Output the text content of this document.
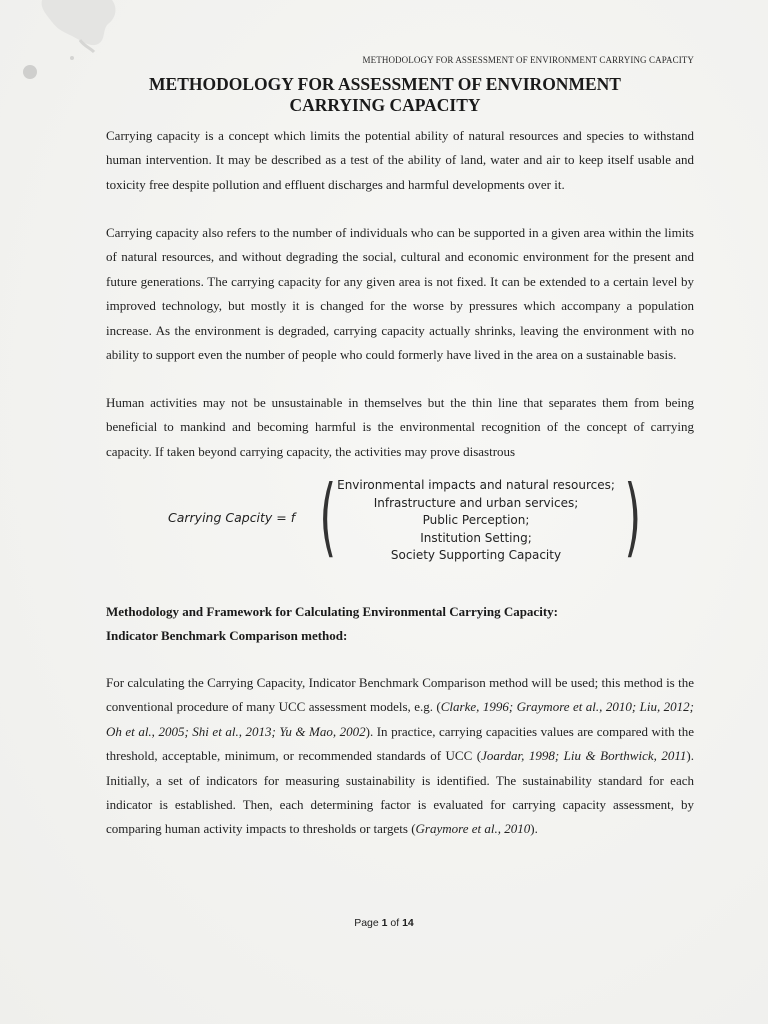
METHODOLOGY FOR ASSESSMENT OF ENVIRONMENT CARRYING CAPACITY
METHODOLOGY FOR ASSESSMENT OF ENVIRONMENT
CARRYING CAPACITY
Carrying capacity is a concept which limits the potential ability of natural resources and species to withstand human intervention. It may be described as a test of the ability of land, water and air to keep itself usable and toxicity free despite pollution and effluent discharges and harmful developments over it.
Carrying capacity also refers to the number of individuals who can be supported in a given area within the limits of natural resources, and without degrading the social, cultural and economic environment for the present and future generations. The carrying capacity for any given area is not fixed. It can be extended to a certain level by improved technology, but mostly it is changed for the worse by pressures which accompany a population increase. As the environment is degraded, carrying capacity actually shrinks, leaving the environment with no ability to support even the number of people who could formerly have lived in the area on a sustainable basis.
Human activities may not be unsustainable in themselves but the thin line that separates them from being beneficial to mankind and becoming harmful is the environmental recognition of the concept of carrying capacity. If taken beyond carrying capacity, the activities may prove disastrous
Carrying Capcity = f ( Environmental impacts and natural resources;
Infrastructure and urban services;
Public Perception;
Institution Setting;
Society Supporting Capacity )
Methodology and Framework for Calculating Environmental Carrying Capacity:
Indicator Benchmark Comparison method:
For calculating the Carrying Capacity, Indicator Benchmark Comparison method will be used; this method is the conventional procedure of many UCC assessment models, e.g. (Clarke, 1996; Graymore et al., 2010; Liu, 2012; Oh et al., 2005; Shi et al., 2013; Yu & Mao, 2002). In practice, carrying capacities values are compared with the threshold, acceptable, minimum, or recommended standards of UCC (Joardar, 1998; Liu & Borthwick, 2011). Initially, a set of indicators for measuring sustainability is identified. The sustainability standard for each indicator is established. Then, each determining factor is evaluated for carrying capacity assessment, by comparing human activity impacts to thresholds or targets (Graymore et al., 2010).
Page 1 of 14
